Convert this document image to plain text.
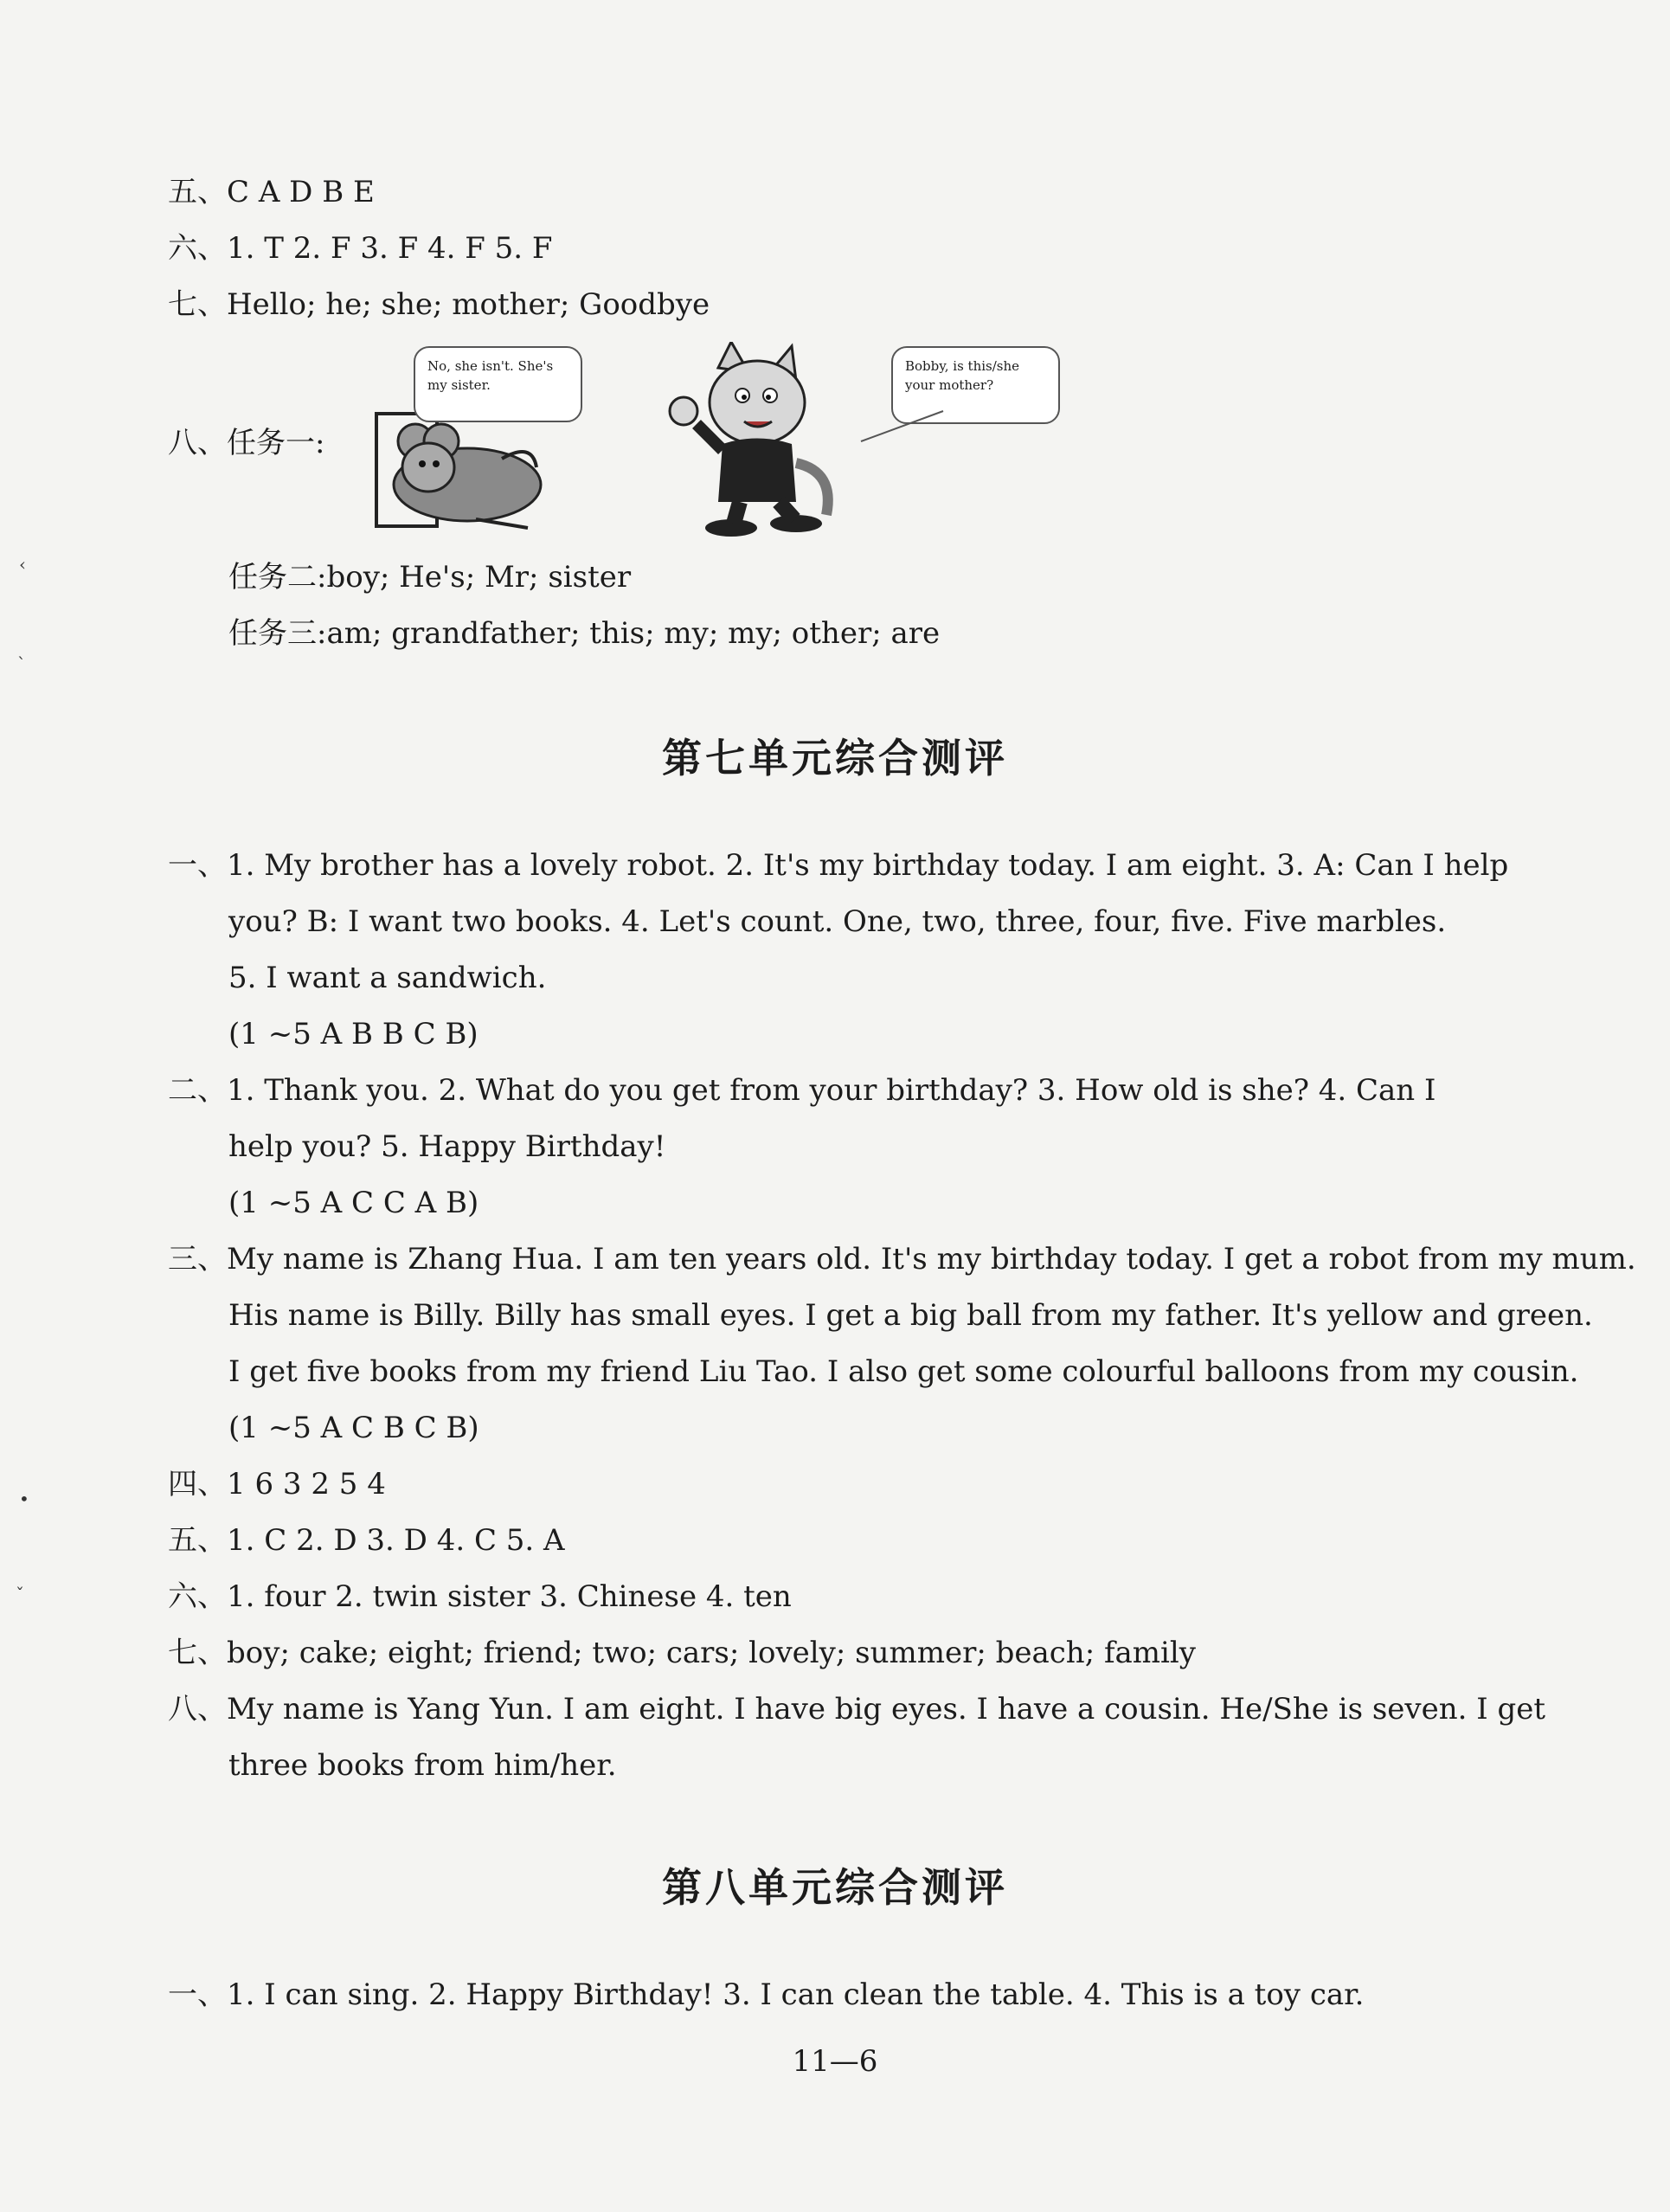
五、C A D B E
六、1. T 2. F 3. F 4. F 5. F
七、Hello; he; she; mother; Goodbye
八、任务一:
No, she isn't. She's my sister.
Bobby, is this/she your mother?
任务二:boy; He's; Mr; sister
任务三:am; grandfather; this; my; my; other; are
第七单元综合测评
一、1. My brother has a lovely robot. 2. It's my birthday today. I am eight. 3. A: Can I help
you? B: I want two books. 4. Let's count. One, two, three, four, five. Five marbles.
5. I want a sandwich.
(1 ~5 A B B C B)
二、1. Thank you. 2. What do you get from your birthday? 3. How old is she? 4. Can I
help you? 5. Happy Birthday!
(1 ~5 A C C A B)
三、My name is Zhang Hua. I am ten years old. It's my birthday today. I get a robot from my mum.
His name is Billy. Billy has small eyes. I get a big ball from my father. It's yellow and green.
I get five books from my friend Liu Tao. I also get some colourful balloons from my cousin.
(1 ~5 A C B C B)
四、1 6 3 2 5 4
五、1. C 2. D 3. D 4. C 5. A
六、1. four 2. twin sister 3. Chinese 4. ten
七、boy; cake; eight; friend; two; cars; lovely; summer; beach; family
八、My name is Yang Yun. I am eight. I have big eyes. I have a cousin. He/She is seven. I get
three books from him/her.
第八单元综合测评
一、1. I can sing. 2. Happy Birthday! 3. I can clean the table. 4. This is a toy car.
11—6
‹
`
•
ˇ
